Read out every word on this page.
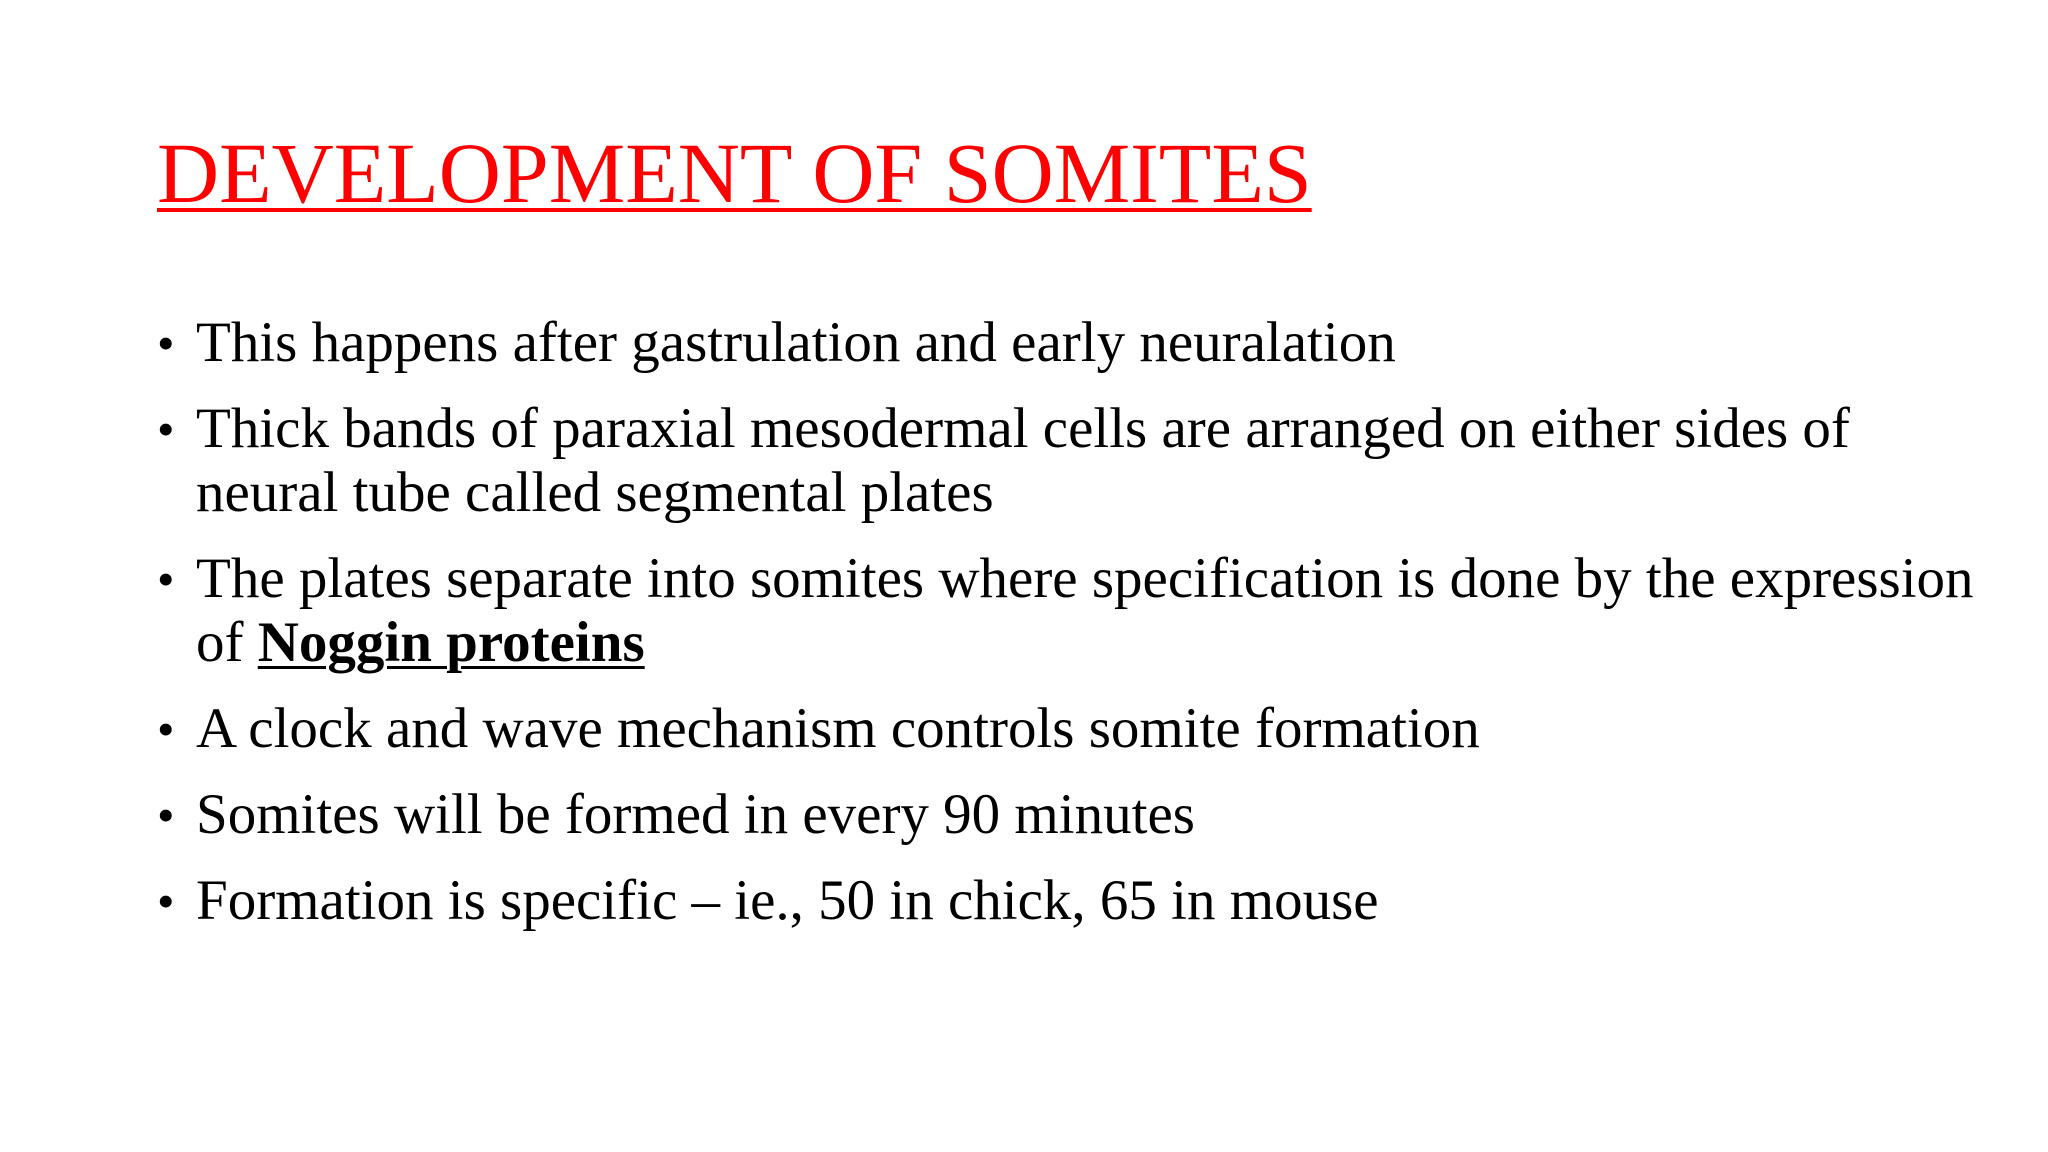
DEVELOPMENT OF SOMITES
• This happens after gastrulation and early neuralation
• Thick bands of paraxial mesodermal cells are arranged on either sides of neural tube called segmental plates
• The plates separate into somites where specification is done by the expression of Noggin proteins
• A clock and wave mechanism controls somite formation
• Somites will be formed in every 90 minutes
• Formation is specific – ie., 50 in chick, 65 in mouse
